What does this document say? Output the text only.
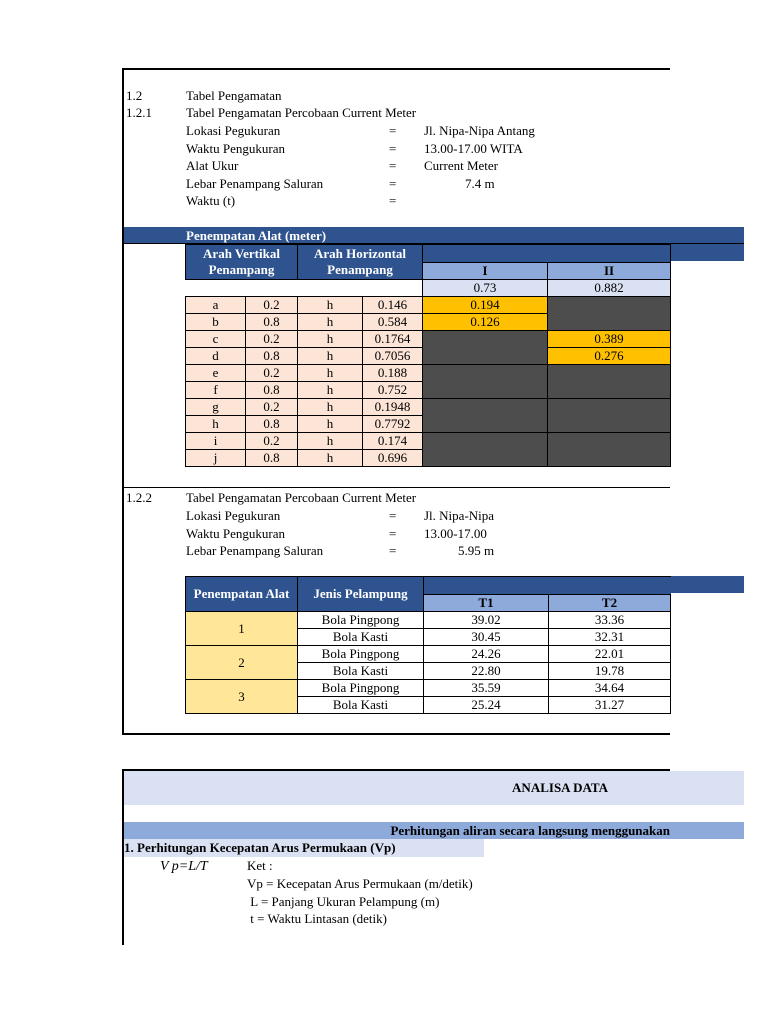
1.2	Tabel Pengamatan
1.2.1	Tabel Pengamatan Percobaan Current Meter
Lokasi Pegukuran	= Jl. Nipa-Nipa Antang
Waktu Pengukuran	= 13.00-17.00 WITA
Alat Ukur	= Current Meter
Lebar Penampang Saluran	=	7.4 m
Waktu (t)	=
Penempatan Alat (meter)
Arah Vertikal Penampang		Arah Horizontal Penampang			
				I	II
				0.73	0.882
a	0.2	h	0.146	0.194	
b	0.8	h	0.584	0.126	
c	0.2	h	0.1764		0.389
d	0.8	h	0.7056		0.276
e	0.2	h	0.188		
f	0.8	h	0.752		
g	0.2	h	0.1948		
h	0.8	h	0.7792		
i	0.2	h	0.174		
j	0.8	h	0.696		
1.2.2	Tabel Pengamatan Percobaan Current Meter
Lokasi Pegukuran	= Jl. Nipa-Nipa
Waktu Pengukuran	= 13.00-17.00
Lebar Penampang Saluran	=	5.95 m
Penempatan Alat	Jenis Pelampung		
		T1	T2
1	Bola Pingpong	39.02	33.36
	Bola Kasti	30.45	32.31
2	Bola Pingpong	24.26	22.01
	Bola Kasti	22.80	19.78
3	Bola Pingpong	35.59	34.64
	Bola Kasti	25.24	31.27
ANALISA DATA
Perhitungan aliran secara langsung menggunakan
1. Perhitungan Kecepatan Arus Permukaan (Vp)
V p=L/T	Ket :
Vp = Kecepatan Arus Permukaan (m/detik)
L = Panjang Ukuran Pelampung (m)
t = Waktu Lintasan (detik)
